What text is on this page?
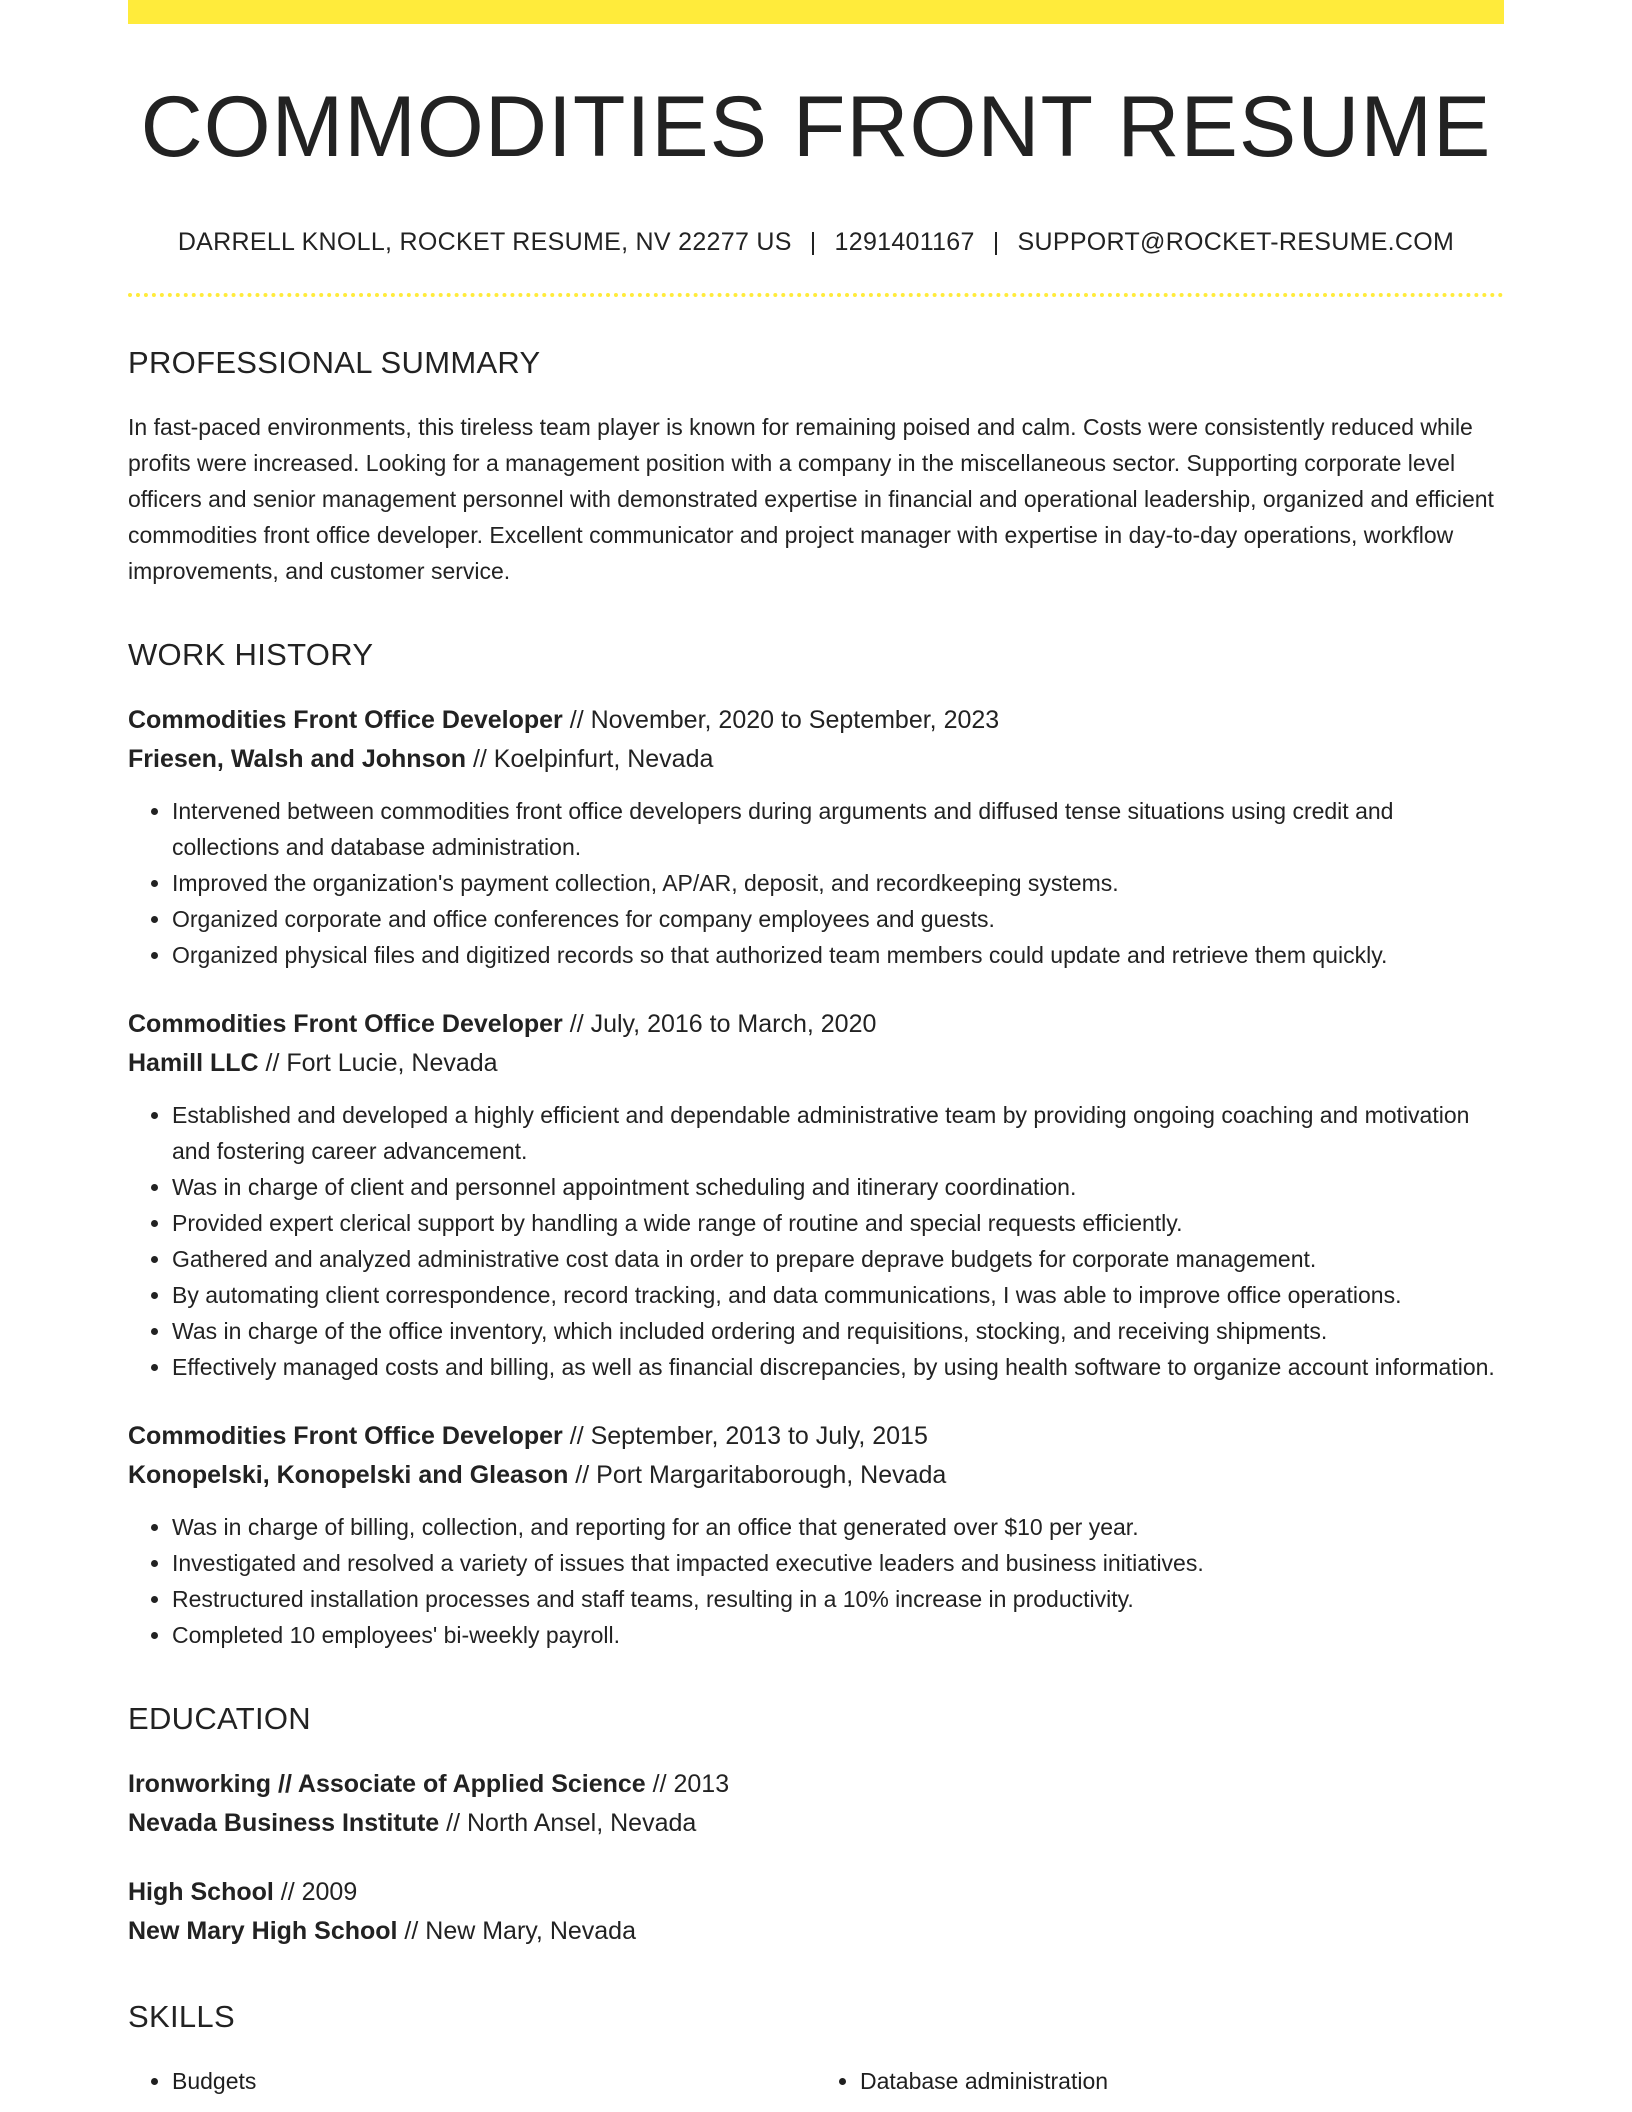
COMMODITIES FRONT RESUME
DARRELL KNOLL, ROCKET RESUME, NV 22277 US | 1291401167 | SUPPORT@ROCKET-RESUME.COM
PROFESSIONAL SUMMARY

In fast-paced environments, this tireless team player is known for remaining poised and calm. Costs were consistently reduced while profits were increased. Looking for a management position with a company in the miscellaneous sector. Supporting corporate level officers and senior management personnel with demonstrated expertise in financial and operational leadership, organized and efficient commodities front office developer. Excellent communicator and project manager with expertise in day-to-day operations, workflow improvements, and customer service.

WORK HISTORY
Commodities Front Office Developer // November, 2020 to September, 2023
Friesen, Walsh and Johnson // Koelpinfurt, Nevada
• Intervened between commodities front office developers during arguments and diffused tense situations using credit and collections and database administration.
• Improved the organization's payment collection, AP/AR, deposit, and recordkeeping systems.
• Organized corporate and office conferences for company employees and guests.
• Organized physical files and digitized records so that authorized team members could update and retrieve them quickly.
Commodities Front Office Developer // July, 2016 to March, 2020
Hamill LLC // Fort Lucie, Nevada
• Established and developed a highly efficient and dependable administrative team by providing ongoing coaching and motivation and fostering career advancement.
• Was in charge of client and personnel appointment scheduling and itinerary coordination.
• Provided expert clerical support by handling a wide range of routine and special requests efficiently.
• Gathered and analyzed administrative cost data in order to prepare deprave budgets for corporate management.
• By automating client correspondence, record tracking, and data communications, I was able to improve office operations.
• Was in charge of the office inventory, which included ordering and requisitions, stocking, and receiving shipments.
• Effectively managed costs and billing, as well as financial discrepancies, by using health software to organize account information.
Commodities Front Office Developer // September, 2013 to July, 2015
Konopelski, Konopelski and Gleason // Port Margaritaborough, Nevada
• Was in charge of billing, collection, and reporting for an office that generated over $10 per year.
• Investigated and resolved a variety of issues that impacted executive leaders and business initiatives.
• Restructured installation processes and staff teams, resulting in a 10% increase in productivity.
• Completed 10 employees' bi-weekly payroll.
EDUCATION
Ironworking // Associate of Applied Science // 2013
Nevada Business Institute // North Ansel, Nevada
High School // 2009
New Mary High School // New Mary, Nevada
SKILLS
• Budgets
•	Database administration
